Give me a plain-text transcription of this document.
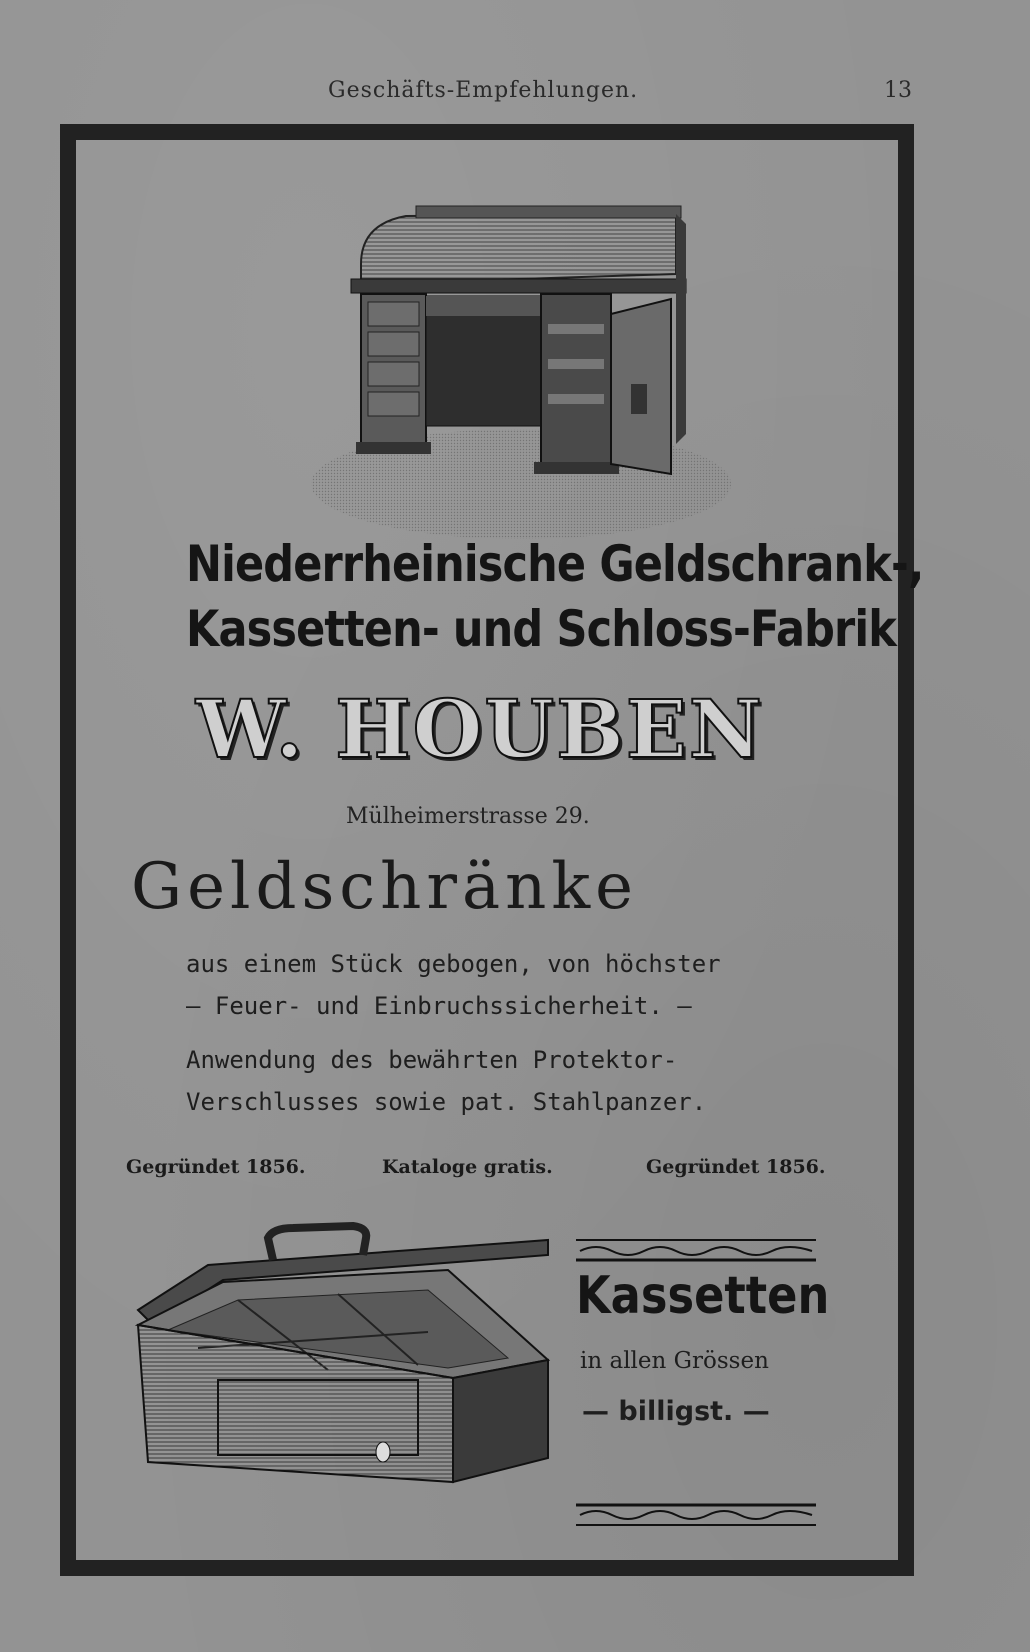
Geschäfts-Empfehlungen.	13
Niederrheinische Geldschrank-,
Kassetten- und Schloss-Fabrik
W. HOUBEN
Mülheimerstrasse 29.
Geldschränke
aus einem Stück gebogen, von höchster
— Feuer- und Einbruchssicherheit. —
Anwendung des bewährten Protektor-
Verschlusses sowie pat. Stahlpanzer.
Gegründet 1856.	Kataloge gratis.	Gegründet 1856.
Kassetten
in allen Grössen
— billigst. —
